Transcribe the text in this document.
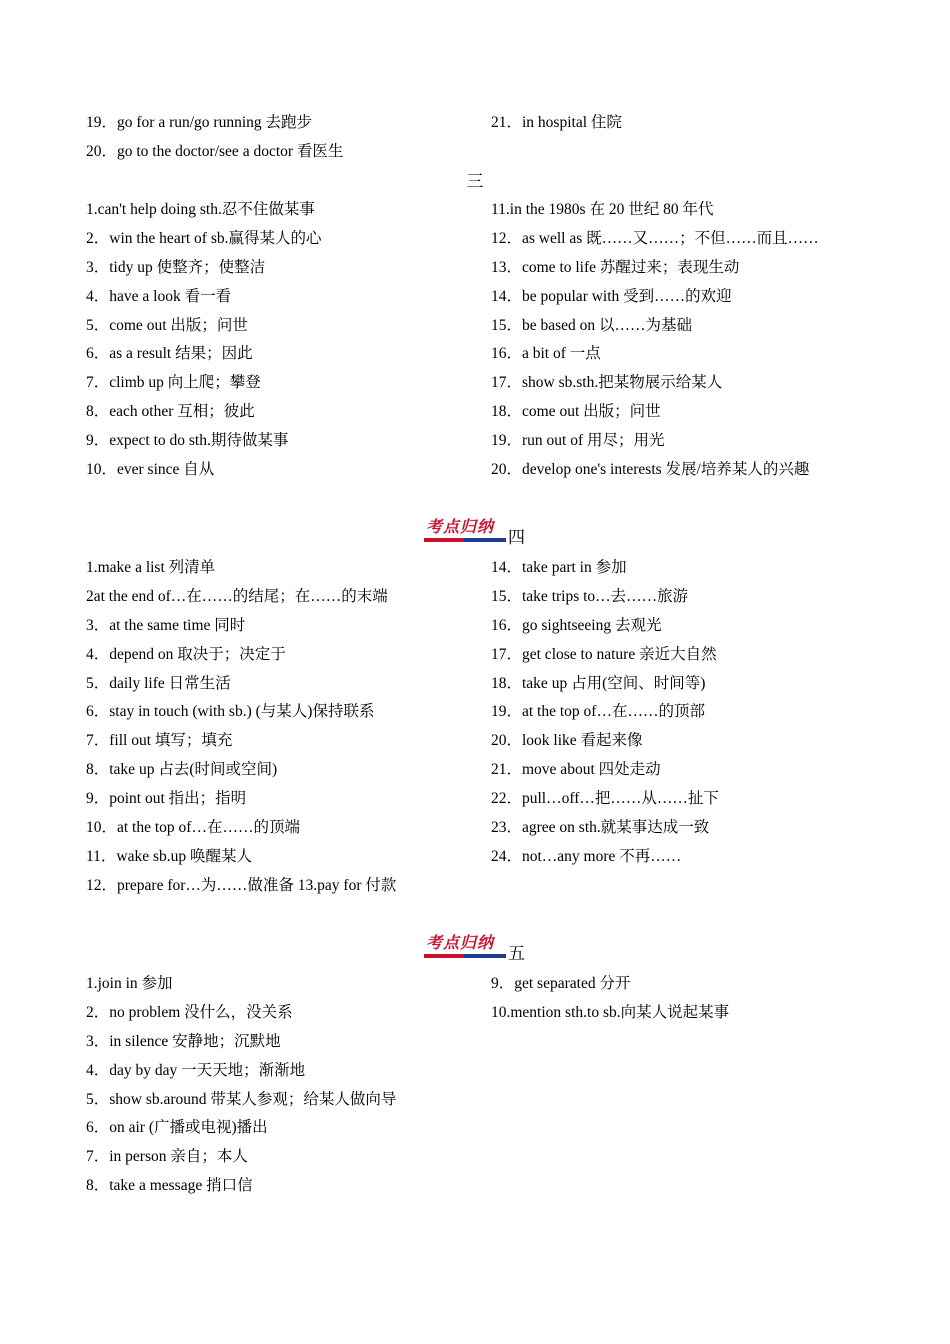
19．go for a run/go running 去跑步
20．go to the doctor/see a doctor 看医生
21．in hospital 住院
三
1.can't help doing sth.忍不住做某事
2．win the heart of sb.赢得某人的心
3．tidy up 使整齐；使整洁
4．have a look 看一看
5．come out 出版；问世
6．as a result 结果；因此
7．climb up 向上爬；攀登
8．each other 互相；彼此
9．expect to do sth.期待做某事
10．ever since 自从
11.in the 1980s 在 20 世纪 80 年代
12．as well as 既……又……；不但……而且……
13．come to life 苏醒过来；表现生动
14．be popular with 受到……的欢迎
15．be based on 以……为基础
16．a bit of 一点
17．show sb.sth.把某物展示给某人
18．come out 出版；问世
19．run out of 用尽；用光
20．develop one's interests 发展/培养某人的兴趣
考点归纳
四
1.make a list 列清单
2at the end of…在……的结尾；在……的末端
3．at the same time 同时
4．depend on 取决于；决定于
5．daily life 日常生活
6．stay in touch (with sb.) (与某人)保持联系
7．fill out 填写；填充
8．take up 占去(时间或空间)
9．point out 指出；指明
10．at the top of…在……的顶端
11．wake sb.up 唤醒某人
12．prepare for…为……做准备 13.pay for 付款
14．take part in 参加
15．take trips to…去……旅游
16．go sightseeing 去观光
17．get close to nature 亲近大自然
18．take up 占用(空间、时间等)
19．at the top of…在……的顶部
20．look like 看起来像
21．move about 四处走动
22．pull…off…把……从……扯下
23．agree on sth.就某事达成一致
24．not…any more 不再……
考点归纳
五
1.join in 参加
2．no problem 没什么，没关系
3．in silence 安静地；沉默地
4．day by day 一天天地；渐渐地
5．show sb.around 带某人参观；给某人做向导
6．on air (广播或电视)播出
7．in person 亲自；本人
8．take a message 捎口信
9．get separated 分开
10.mention sth.to sb.向某人说起某事
